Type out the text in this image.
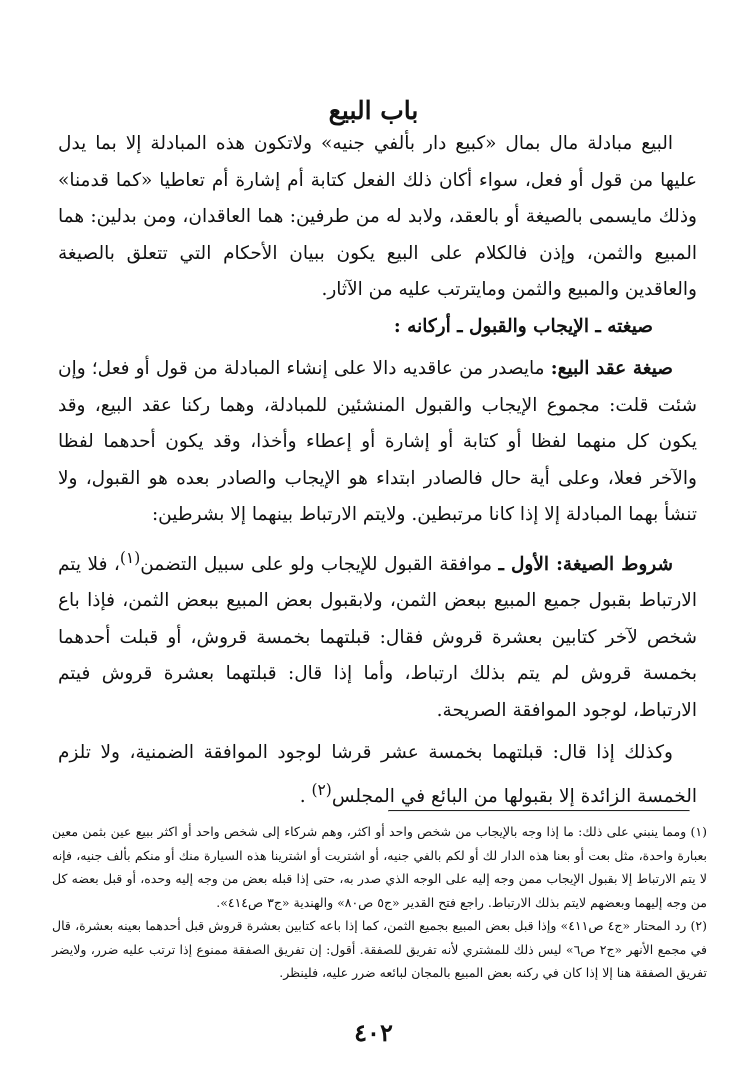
باب البيع

البيع مبادلة مال بمال «كبيع دار بألفي جنيه» ولاتكون هذه المبادلة إلا بما يدل عليها من قول أو فعل، سواء أكان ذلك الفعل كتابة أم إشارة أم تعاطيا «كما قدمنا» وذلك مايسمى بالصيغة أو بالعقد، ولابد له من طرفين: هما العاقدان، ومن بدلين: هما المبيع والثمن، وإذن فالكلام على البيع يكون ببيان الأحكام التي تتعلق بالصيغة والعاقدين والمبيع والثمن ومايترتب عليه من الآثار.

صيغته ـ الإيجاب والقبول ـ أركانه :

صيغة عقد البيع: مايصدر من عاقديه دالا على إنشاء المبادلة من قول أو فعل؛ وإن شئت قلت: مجموع الإيجاب والقبول المنشئين للمبادلة، وهما ركنا عقد البيع، وقد يكون كل منهما لفظا أو كتابة أو إشارة أو إعطاء وأخذا، وقد يكون أحدهما لفظا والآخر فعلا، وعلى أية حال فالصادر ابتداء هو الإيجاب والصادر بعده هو القبول، ولا تنشأ بهما المبادلة إلا إذا كانا مرتبطين. ولايتم الارتباط بينهما إلا بشرطين:

شروط الصيغة: الأول ـ موافقة القبول للإيجاب ولو على سبيل التضمن$^{(١)}$، فلا يتم الارتباط بقبول جميع المبيع ببعض الثمن، ولابقبول بعض المبيع ببعض الثمن، فإذا باع شخص لآخر كتابين بعشرة قروش فقال: قبلتهما بخمسة قروش، أو قبلت أحدهما بخمسة قروش لم يتم بذلك ارتباط، وأما إذا قال: قبلتهما بعشرة قروش فيتم الارتباط، لوجود الموافقة الصريحة.

وكذلك إذا قال: قبلتهما بخمسة عشر قرشا لوجود الموافقة الضمنية، ولا تلزم الخمسة الزائدة إلا بقبولها من البائع في المجلس$^{(٢)}$ .

(١) ومما ينبني على ذلك: ما إذا وجه بالإيجاب من شخص واحد أو اكثر، وهم شركاء إلى شخص واحد أو اكثر ببيع عين بثمن معين بعبارة واحدة، مثل بعت أو بعنا هذه الدار لك أو لكم بالفي جنيه، أو اشتريت أو اشترينا هذه السيارة منك أو منكم بألف جنيه، فإنه لا يتم الارتباط إلا بقبول الإيجاب ممن وجه إليه على الوجه الذي صدر به، حتى إذا قبله بعض من وجه إليه وحده، أو قبل بعضه كل من وجه إليهما وبعضهم لايتم بذلك الارتباط. راجع فتح القدير «ج٥ ص٨٠» والهندية «ج٣ ص٤١٤».

(٢) رد المحتار «ج٤ ص٤١١» وإذا قبل بعض المبيع بجميع الثمن، كما إذا باعه كتابين بعشرة قروش قبل أحدهما بعينه بعشرة، قال في مجمع الأنهر «ج٢ ص٦» ليس ذلك للمشتري لأنه تفريق للصفقة. أقول: إن تفريق الصفقة ممنوع إذا ترتب عليه ضرر، ولايضر تفريق الصفقة هنا إلا إذا كان في ركنه بعض المبيع بالمجان لبائعه ضرر عليه، فلينظر.

٤٠٢
